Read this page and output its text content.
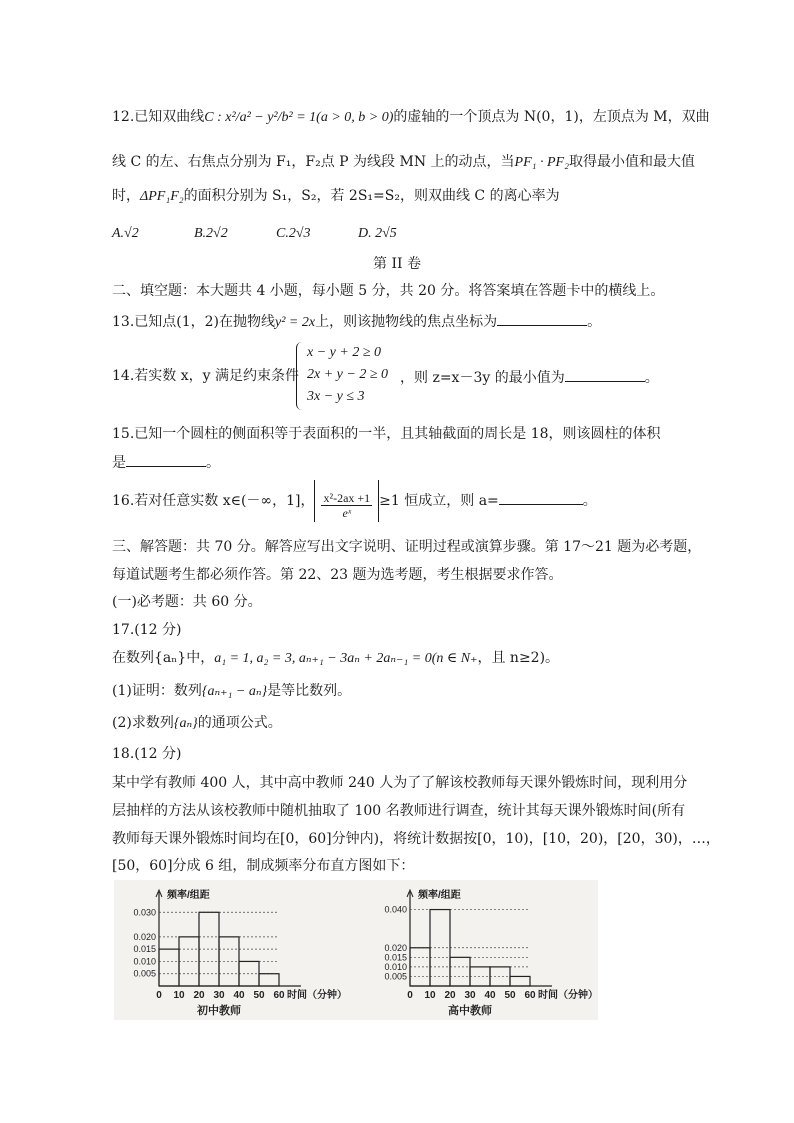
12.已知双曲线C : x²/a² − y²/b² = 1(a > 0, b > 0)的虚轴的一个顶点为 N(0，1)，左顶点为 M，双曲
线 C 的左、右焦点分别为 F₁，F₂点 P 为线段 MN 上的动点，当PF₁ · PF₂取得最小值和最大值
时，ΔPF₁F₂的面积分别为 S₁，S₂，若 2S₁=S₂，则双曲线 C 的离心率为
A.√2	B.2√2	C.2√3	D. 2√5
第 II 卷
二、填空题：本大题共 4 小题，每小题 5 分，共 20 分。将答案填在答题卡中的横线上。
13.已知点(1，2)在抛物线y² = 2x上，则该抛物线的焦点坐标为	。
14.若实数 x，y 满足约束条件
x − y + 2 ≥ 0
2x + y − 2 ≥ 0
3x − y ≤ 3
，则 z=x－3y 的最小值为	。
15.已知一个圆柱的侧面积等于表面积的一半，且其轴截面的周长是 18，则该圆柱的体积
是	。
16.若对任意实数 x∈(－∞，1]， $\frac{\text{x²-2ax +1}}{\text{eˣ}} \ge 1$ 恒成立，则 a=	。
三、解答题：共 70 分。解答应写出文字说明、证明过程或演算步骤。第 17～21 题为必考题，
每道试题考生都必须作答。第 22、23 题为选考题，考生根据要求作答。
(一)必考题：共 60 分。
17.(12 分)
在数列{aₙ}中，a₁ = 1, a₂ = 3, aₙ₊₁ − 3aₙ + 2aₙ₋₁ = 0(n ∈ N₊，且 n≥2)。
(1)证明：数列{aₙ₊₁ − aₙ}是等比数列。
(2)求数列{aₙ}的通项公式。
18.(12 分)
某中学有教师 400 人，其中高中教师 240 人为了了解该校教师每天课外锻炼时间，现利用分
层抽样的方法从该校教师中随机抽取了 100 名教师进行调查，统计其每天课外锻炼时间(所有
教师每天课外锻炼时间均在[0，60]分钟内)，将统计数据按[0，10)，[10，20)，[20，30)，…，
[50，60]分成 6 组，制成频率分布直方图如下：
频率/组距
0.030
0.020
0.015
0.010
0.005
0 10 20 30 40 50 60 时间（分钟）
初中教师
频率/组距
0.040
0.020
0.015
0.010
0.005
0 10 20 30 40 50 60 时间（分钟）
高中教师
